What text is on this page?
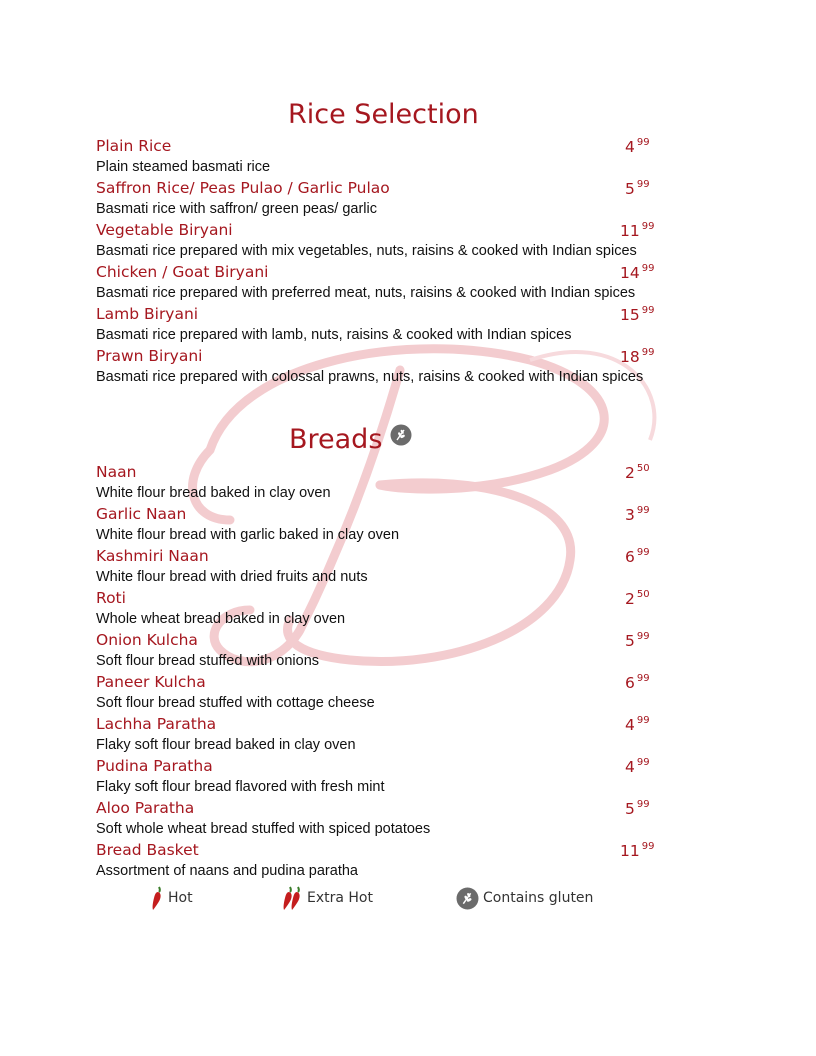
Rice Selection
Plain Rice	4 $^{99}$
Plain steamed basmati rice
Saffron Rice/ Peas Pulao / Garlic Pulao	5 $^{99}$
Basmati rice with saffron/ green peas/ garlic
Vegetable Biryani	11 $^{99}$
Basmati rice prepared with mix vegetables, nuts, raisins & cooked with Indian spices
Chicken / Goat Biryani	14 $^{99}$
Basmati rice prepared with preferred meat, nuts, raisins & cooked with Indian spices
Lamb Biryani	15 $^{99}$
Basmati rice prepared with lamb, nuts, raisins & cooked with Indian spices
Prawn Biryani	18 $^{99}$
Basmati rice prepared with colossal prawns, nuts, raisins & cooked with Indian spices
Breads
Naan	2 $^{50}$
White flour bread baked in clay oven
Garlic Naan	3 $^{99}$
White flour bread with garlic baked in clay oven
Kashmiri Naan	6 $^{99}$
White flour bread with dried fruits and nuts
Roti	2 $^{50}$
Whole wheat bread baked in clay oven
Onion Kulcha	5 $^{99}$
Soft flour bread stuffed with onions
Paneer Kulcha	6 $^{99}$
Soft flour bread stuffed with cottage cheese
Lachha Paratha	4 $^{99}$
Flaky soft flour bread baked in clay oven
Pudina Paratha	4 $^{99}$
Flaky soft flour bread flavored with fresh mint
Aloo Paratha	5 $^{99}$
Soft whole wheat bread stuffed with spiced potatoes
Bread Basket	11 $^{99}$
Assortment of naans and pudina paratha
Hot	Extra Hot	Contains gluten
